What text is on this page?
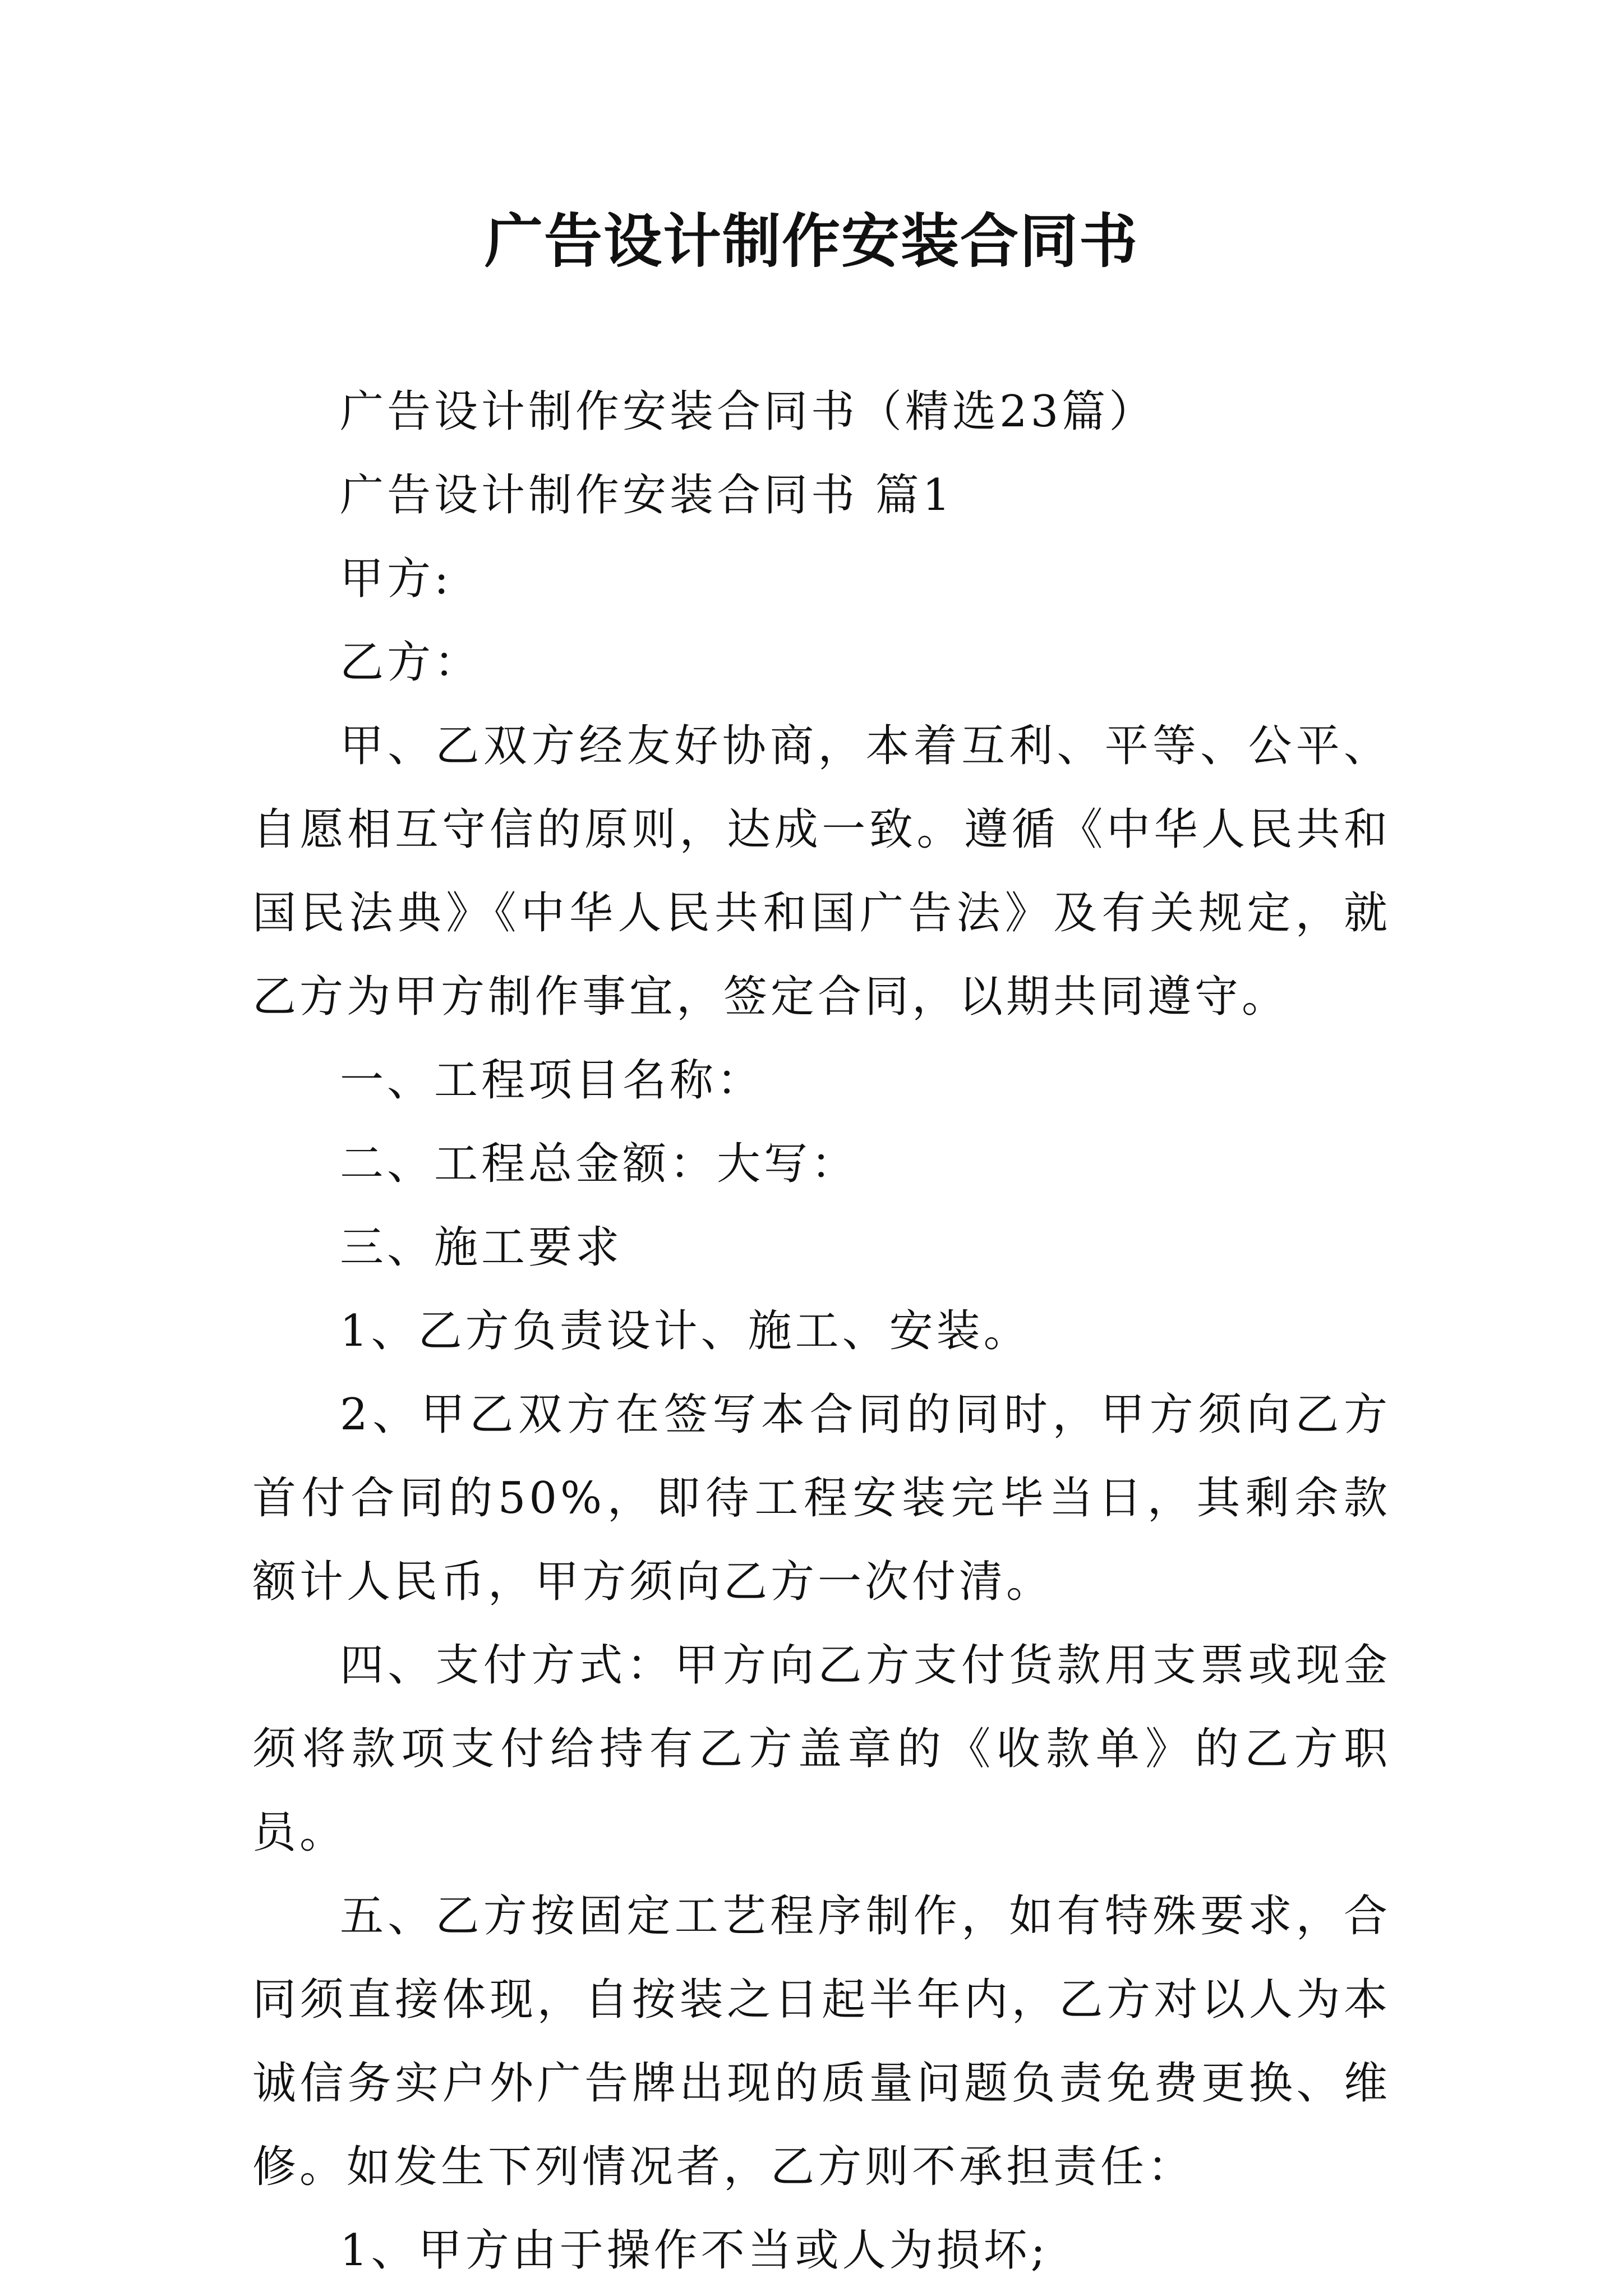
广告设计制作安装合同书

广告设计制作安装合同书（精选23篇）

广告设计制作安装合同书 篇1

甲方:

乙方：

甲、乙双方经友好协商，本着互利、平等、公平、自愿相互守信的原则，达成一致。遵循《中华人民共和国民法典》《中华人民共和国广告法》及有关规定，就乙方为甲方制作事宜，签定合同，以期共同遵守。

一、工程项目名称：

二、工程总金额：大写：

三、施工要求

1、乙方负责设计、施工、安装。

2、甲乙双方在签写本合同的同时，甲方须向乙方首付合同的50%，即待工程安装完毕当日，其剩余款额计人民币，甲方须向乙方一次付清。

四、支付方式：甲方向乙方支付货款用支票或现金须将款项支付给持有乙方盖章的《收款单》的乙方职员。

五、乙方按固定工艺程序制作，如有特殊要求，合同须直接体现，自按装之日起半年内，乙方对以人为本诚信务实户外广告牌出现的质量问题负责免费更换、维修。如发生下列情况者，乙方则不承担责任：

1、甲方由于操作不当或人为损坏;
